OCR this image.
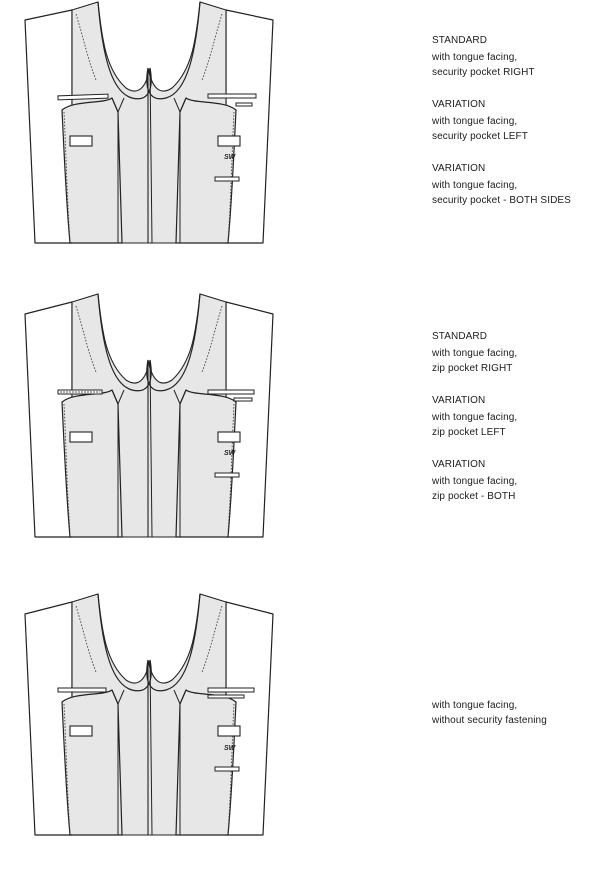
SW
STANDARD
with tongue facing,
security pocket RIGHT
VARIATION
with tongue facing,
security pocket LEFT
VARIATION
with tongue facing,
security pocket - BOTH SIDES
SW
STANDARD
with tongue facing,
zip pocket RIGHT
VARIATION
with tongue facing,
zip pocket LEFT
VARIATION
with tongue facing,
zip pocket - BOTH
SW
with tongue facing,
without security fastening
